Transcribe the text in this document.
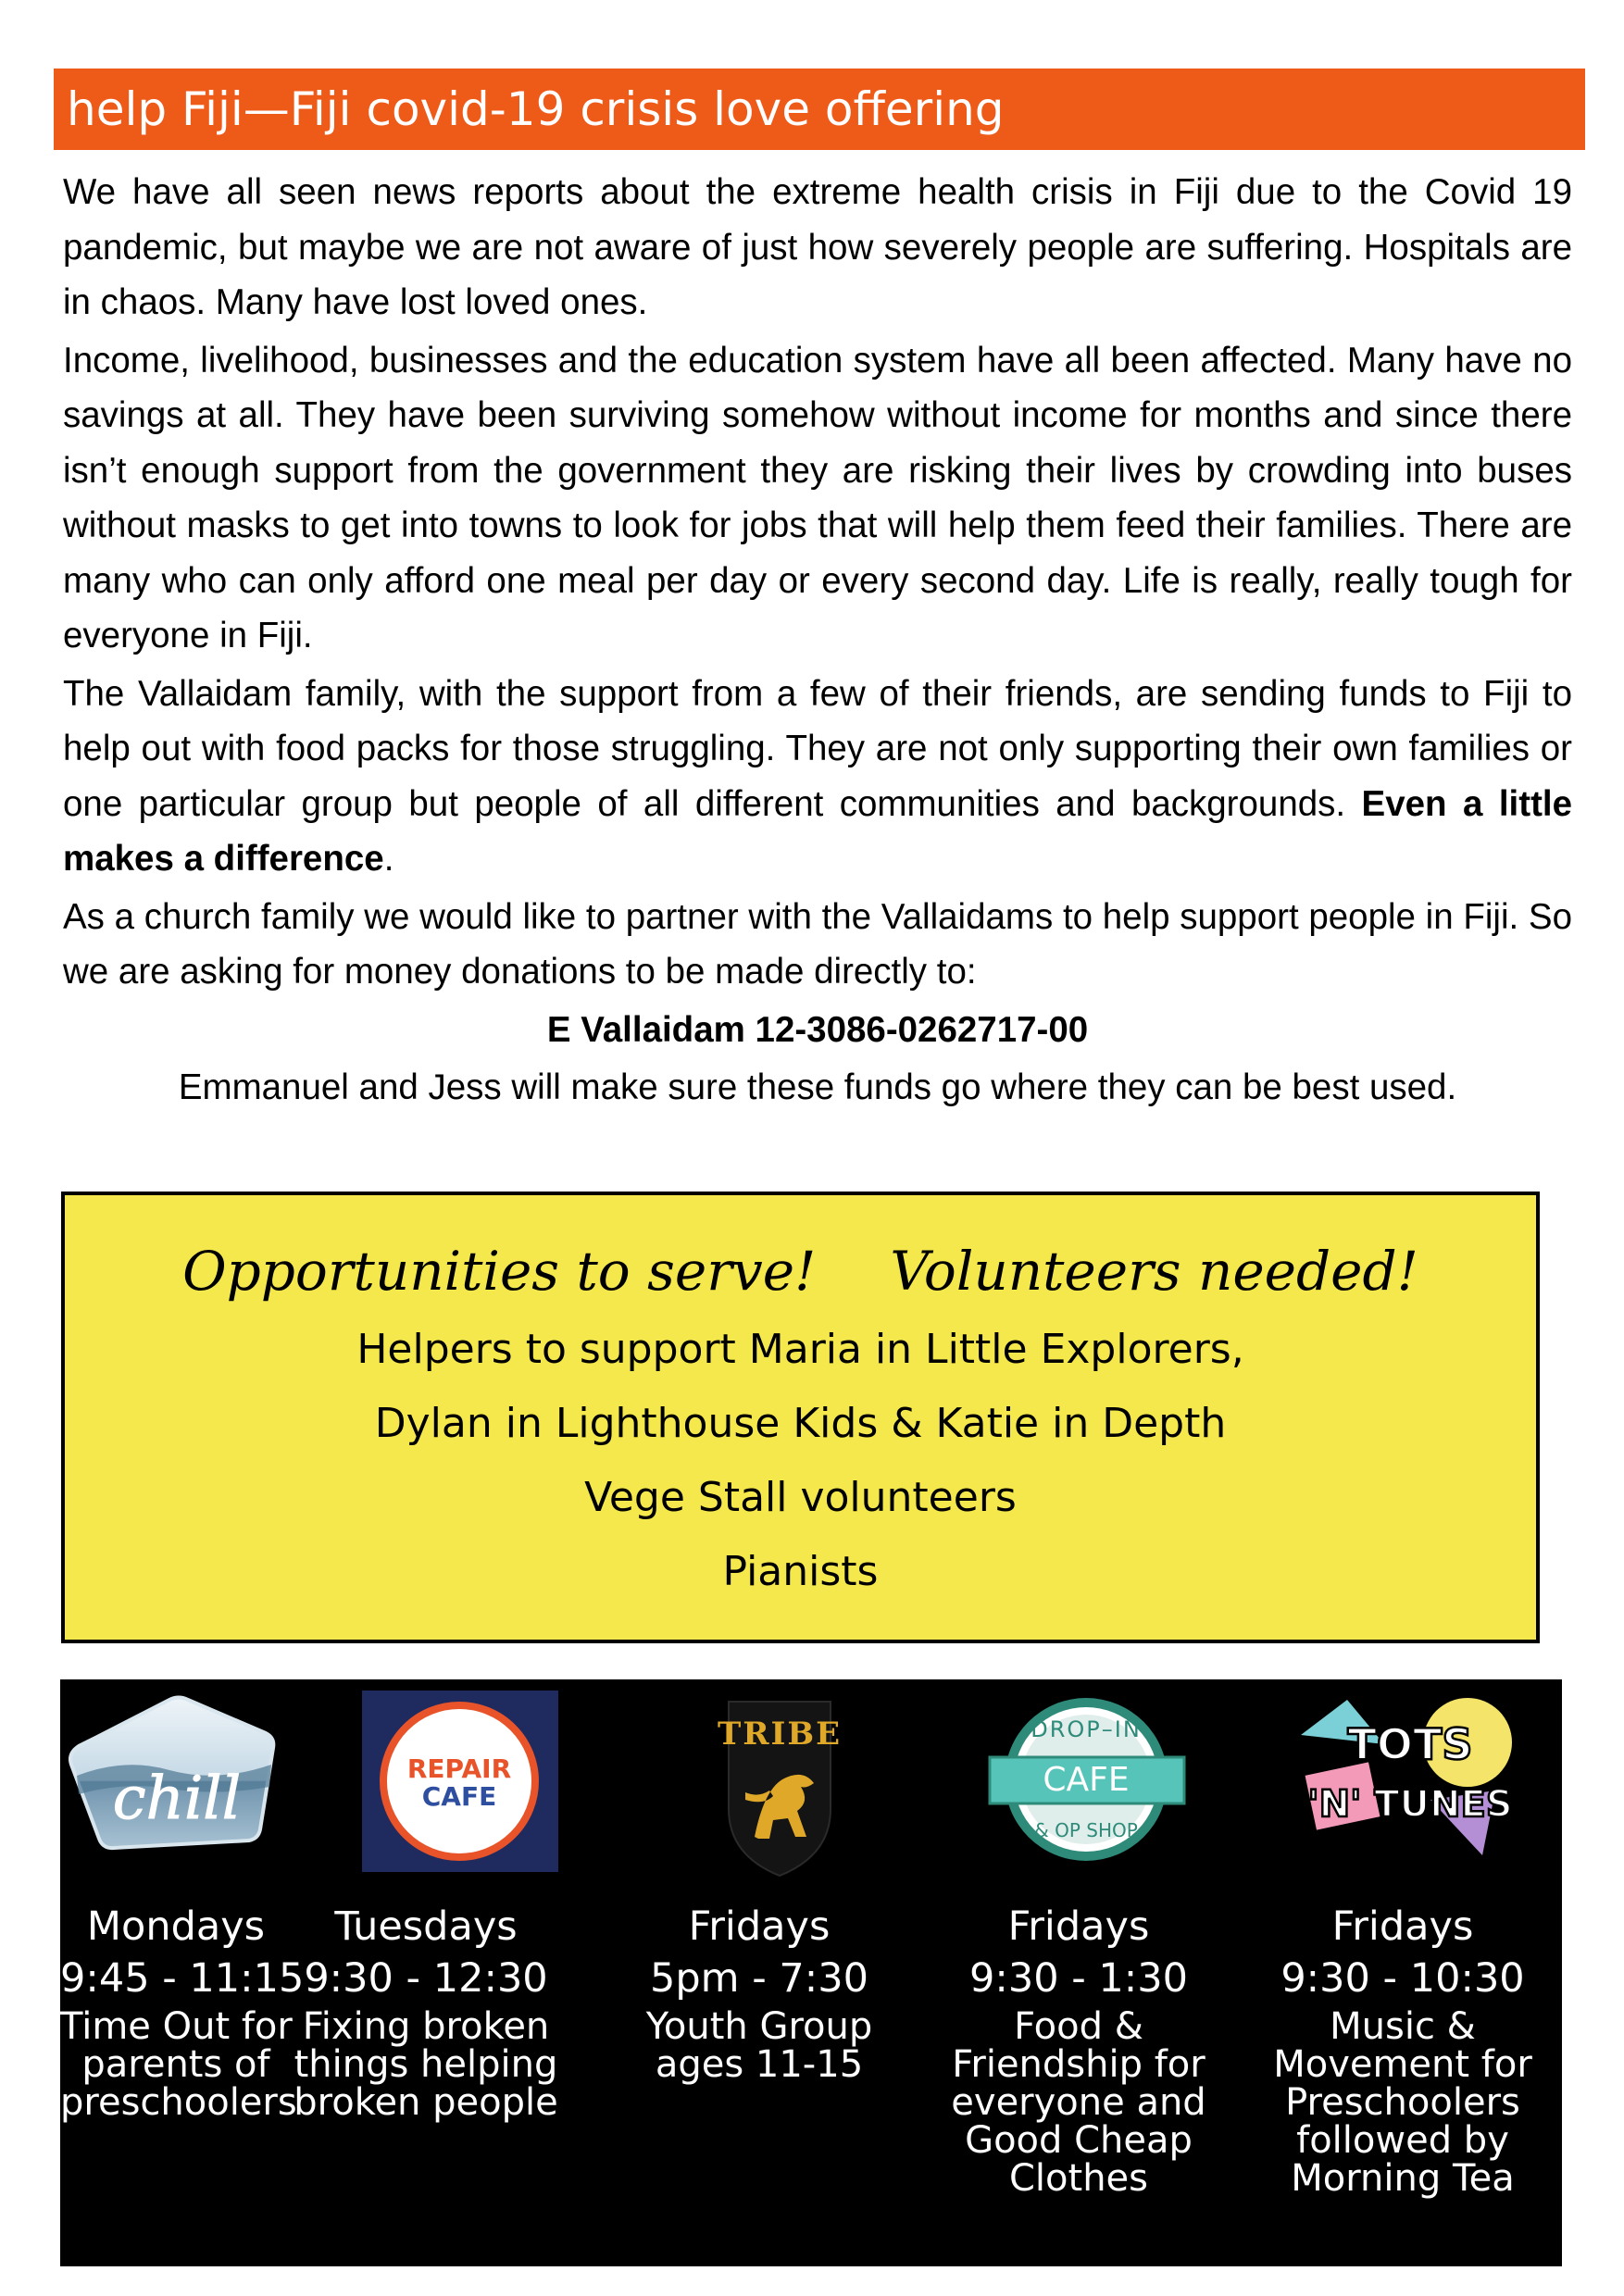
help Fiji—Fiji covid-19 crisis love offering

We have all seen news reports about the extreme health crisis in Fiji due to the Covid 19 pandemic, but maybe we are not aware of just how severely people are suffering. Hospitals are in chaos. Many have lost loved ones.

Income, livelihood, businesses and the education system have all been affected. Many have no savings at all. They have been surviving somehow without income for months and since there isn’t enough support from the government they are risking their lives by crowding into buses without masks to get into towns to look for jobs that will help them feed their families. There are many who can only afford one meal per day or every second day. Life is really, really tough for everyone in Fiji.

The Vallaidam family, with the support from a few of their friends, are sending funds to Fiji to help out with food packs for those struggling. They are not only supporting their own families or one particular group but people of all different communities and backgrounds. Even a little makes a difference.

As a church family we would like to partner with the Vallaidams to help support people in Fiji. So we are asking for money donations to be made directly to:

E Vallaidam 12-3086-0262717-00

Emmanuel and Jess will make sure these funds go where they can be best used.

Opportunities to serve! Volunteers needed!
Helpers to support Maria in Little Explorers,
Dylan in Lighthouse Kids & Katie in Depth
Vege Stall volunteers
Pianists
chill
Mondays
9:45 - 11:15
Time Out for
parents of
preschoolers
REPAIR
CAFE
Tuesdays
9:30 - 12:30
Fixing broken
things helping
broken people
TRIBE
Fridays
5pm - 7:30
Youth Group
ages 11-15
DROP–IN
CAFE
& OP SHOP
Fridays
9:30 - 1:30
Food &
Friendship for
everyone and
Good Cheap
Clothes
TOTS
'N' TUNES
Fridays
9:30 - 10:30
Music &
Movement for
Preschoolers
followed by
Morning Tea
